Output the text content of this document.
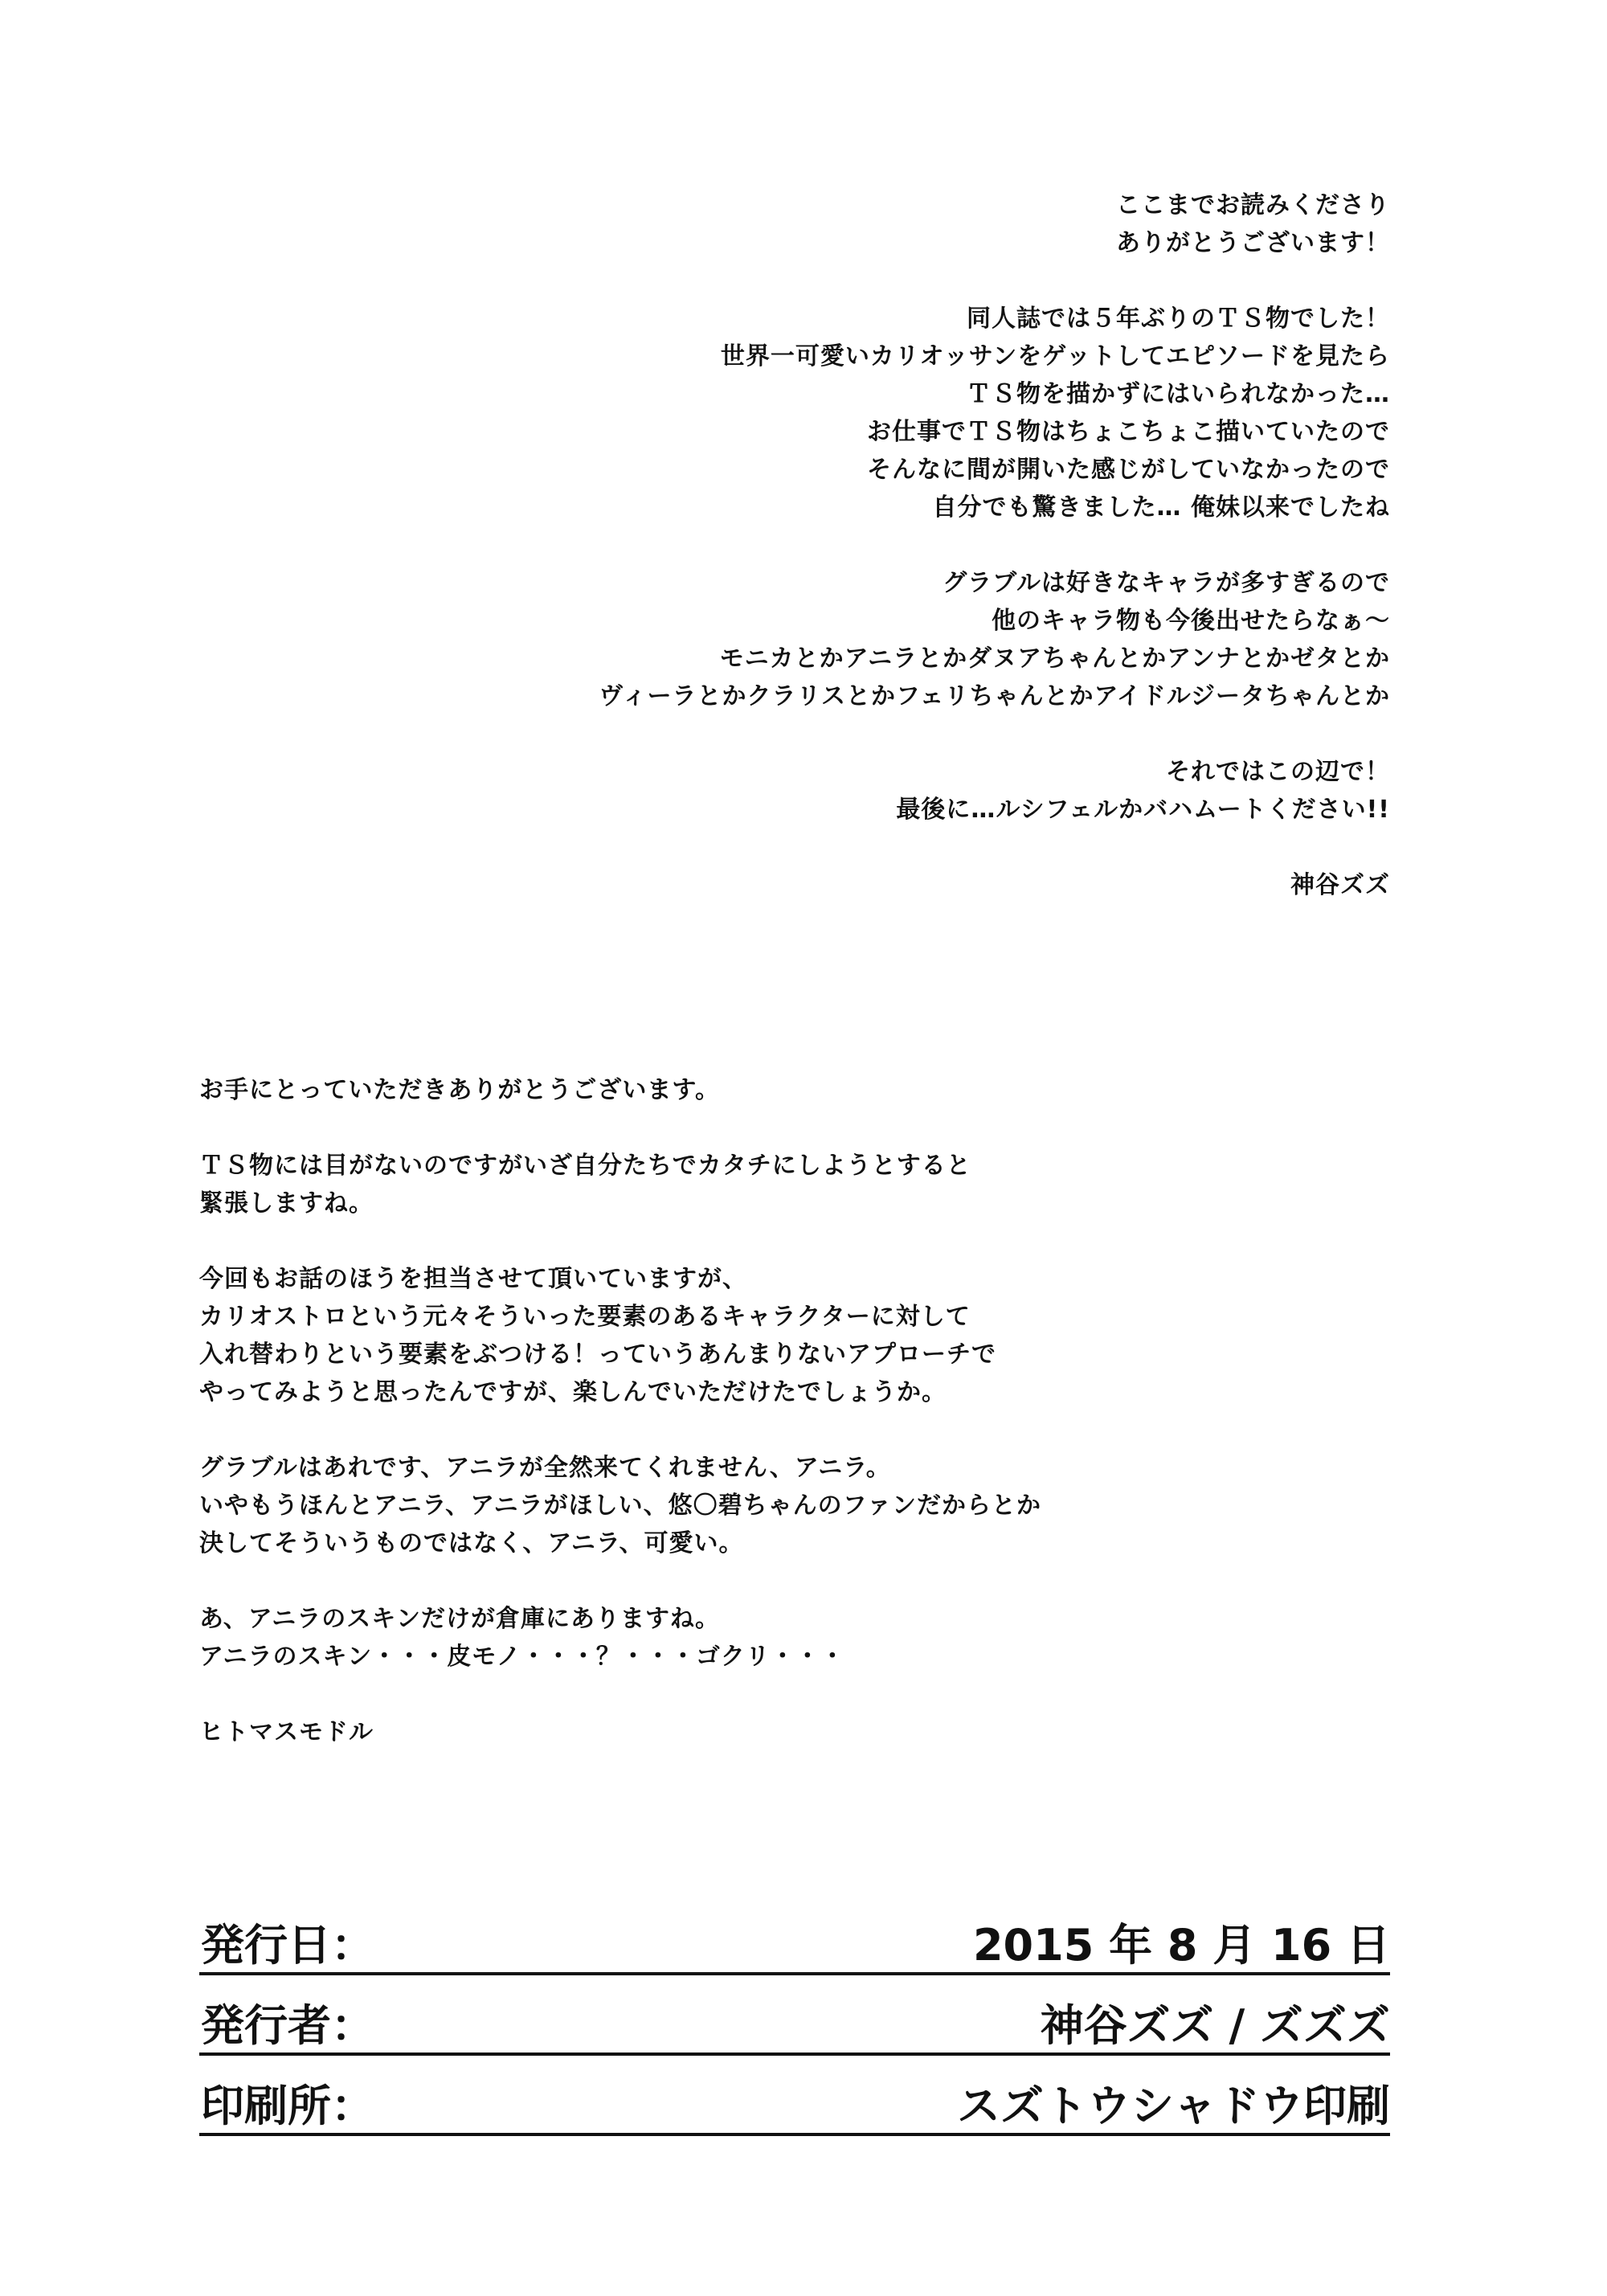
ここまでお読みくださり
ありがとうございます！

同人誌では５年ぶりのＴＳ物でした！
世界一可愛いカリオッサンをゲットしてエピソードを見たら
ＴＳ物を描かずにはいられなかった…
お仕事でＴＳ物はちょこちょこ描いていたので
そんなに間が開いた感じがしていなかったので
自分でも驚きました… 俺妹以来でしたね

グラブルは好きなキャラが多すぎるので
他のキャラ物も今後出せたらなぁ～
モニカとかアニラとかダヌアちゃんとかアンナとかゼタとか
ヴィーラとかクラリスとかフェリちゃんとかアイドルジータちゃんとか

それではこの辺で！
最後に…ルシフェルかバハムートください!!

神谷ズズ

お手にとっていただきありがとうございます。

ＴＳ物には目がないのですがいざ自分たちでカタチにしようとすると
緊張しますね。

今回もお話のほうを担当させて頂いていますが、
カリオストロという元々そういった要素のあるキャラクターに対して
入れ替わりという要素をぶつける！っていうあんまりないアプローチで
やってみようと思ったんですが、楽しんでいただけたでしょうか。

グラブルはあれです、アニラが全然来てくれません、アニラ。
いやもうほんとアニラ、アニラがほしい、悠〇碧ちゃんのファンだからとか
決してそういうものではなく、アニラ、可愛い。

あ、アニラのスキンだけが倉庫にありますね。
アニラのスキン・・・皮モノ・・・？・・・ゴクリ・・・

ヒトマスモドル
発行日：	2015 年 8 月 16 日
発行者：	神谷ズズ / ズズズ
印刷所：	スズトウシャドウ印刷
